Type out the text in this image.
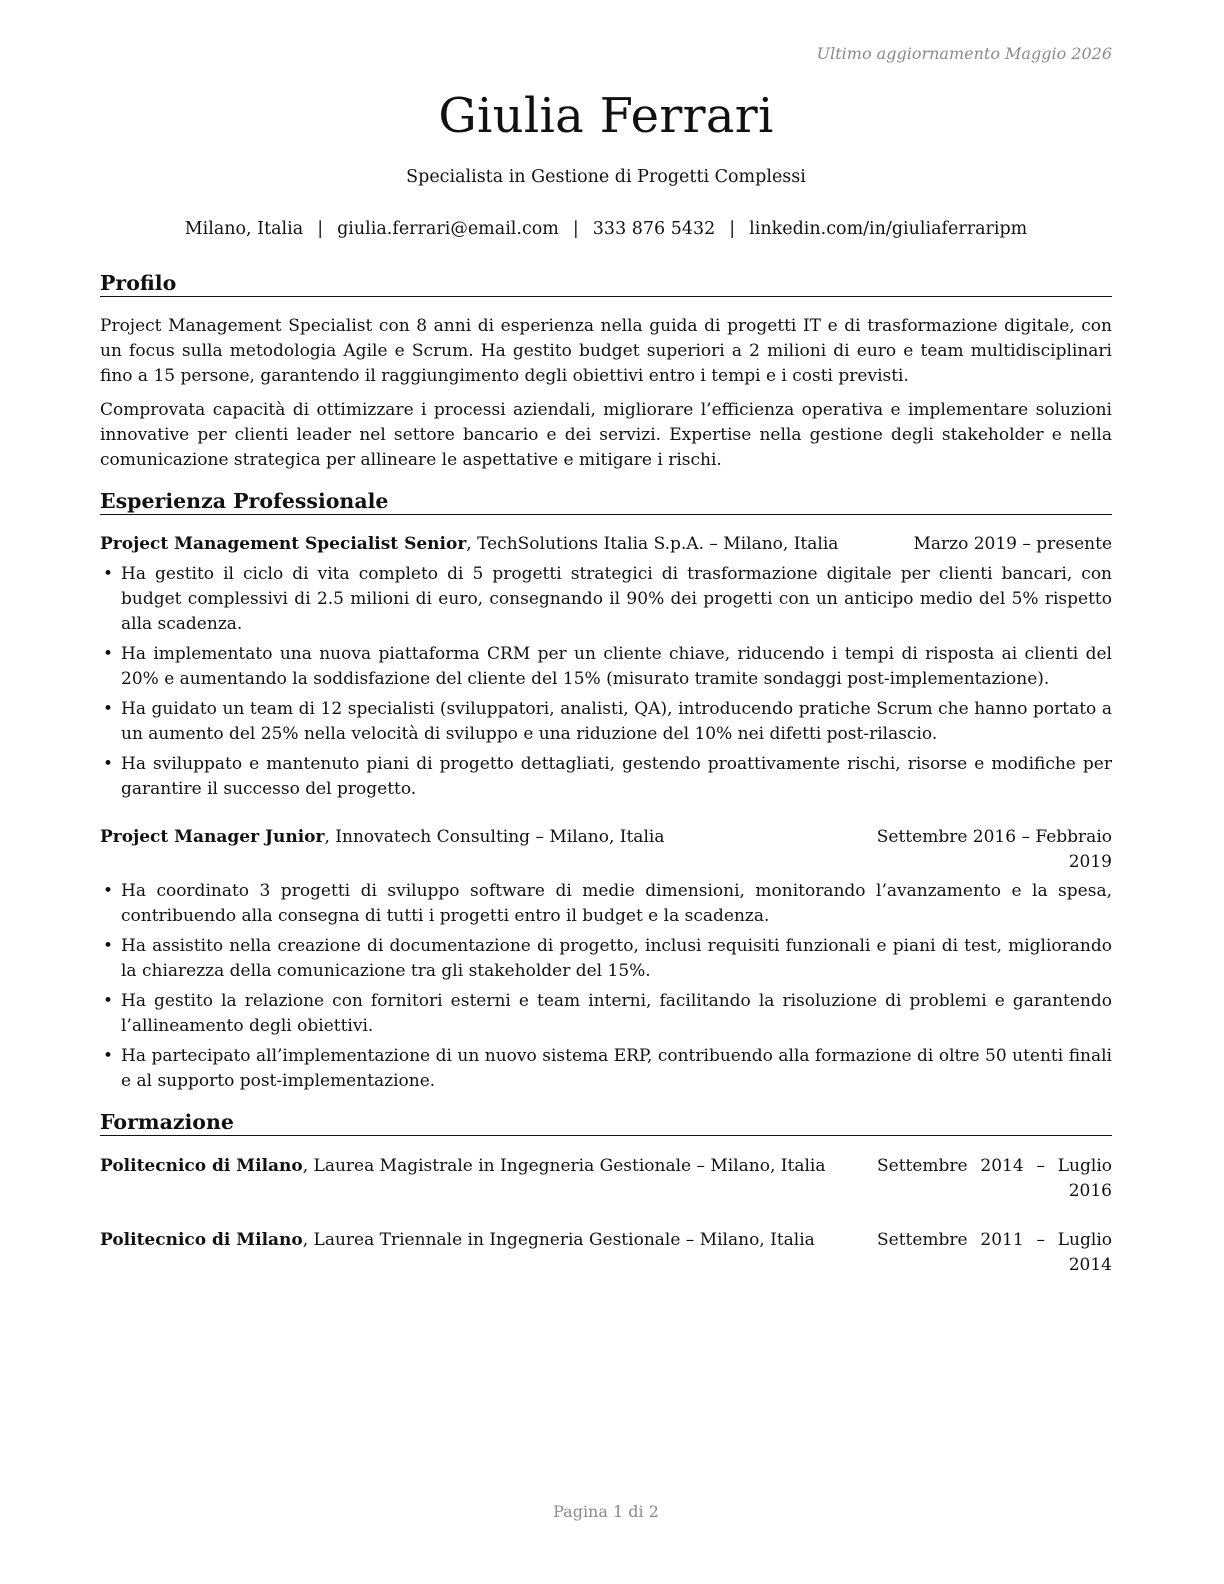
Ultimo aggiornamento Maggio 2026
Giulia Ferrari
Specialista in Gestione di Progetti Complessi
Milano, Italia | giulia.ferrari@email.com | 333 876 5432 | linkedin.com/in/giuliaferraripm
Profilo

Project Management Specialist con 8 anni di esperienza nella guida di progetti IT e di trasformazione digitale, con un focus sulla metodologia Agile e Scrum. Ha gestito budget superiori a 2 milioni di euro e team multidisciplinari fino a 15 persone, garantendo il raggiungimento degli obiettivi entro i tempi e i costi previsti.

Comprovata capacità di ottimizzare i processi aziendali, migliorare l’efficienza operativa e implementare soluzioni innovative per clienti leader nel settore bancario e dei servizi. Expertise nella gestione degli stakeholder e nella comunicazione strategica per allineare le aspettative e mitigare i rischi.

Esperienza Professionale
Project Management Specialist Senior, TechSolutions Italia S.p.A. – Milano, Italia	Marzo 2019 – presente
• Ha gestito il ciclo di vita completo di 5 progetti strategici di trasformazione digitale per clienti bancari, con budget complessivi di 2.5 milioni di euro, consegnando il 90% dei progetti con un anticipo medio del 5% rispetto alla scadenza.
• Ha implementato una nuova piattaforma CRM per un cliente chiave, riducendo i tempi di risposta ai clienti del 20% e aumentando la soddisfazione del cliente del 15% (misurato tramite sondaggi post-implementazione).
• Ha guidato un team di 12 specialisti (sviluppatori, analisti, QA), introducendo pratiche Scrum che hanno portato a un aumento del 25% nella velocità di sviluppo e una riduzione del 10% nei difetti post-rilascio.
• Ha sviluppato e mantenuto piani di progetto dettagliati, gestendo proattivamente rischi, risorse e modifiche per garantire il successo del progetto.
Project Manager Junior, Innovatech Consulting – Milano, Italia	Settembre 2016 – Febbraio 2019
• Ha coordinato 3 progetti di sviluppo software di medie dimensioni, monitorando l’avanzamento e la spesa, contribuendo alla consegna di tutti i progetti entro il budget e la scadenza.
• Ha assistito nella creazione di documentazione di progetto, inclusi requisiti funzionali e piani di test, migliorando la chiarezza della comunicazione tra gli stakeholder del 15%.
• Ha gestito la relazione con fornitori esterni e team interni, facilitando la risoluzione di problemi e garantendo l’allineamento degli obiettivi.
• Ha partecipato all’implementazione di un nuovo sistema ERP, contribuendo alla formazione di oltre 50 utenti finali e al supporto post-implementazione.
Formazione
Politecnico di Milano, Laurea Magistrale in Ingegneria Gestionale – Milano, Italia	Settembre 2014 – Luglio 2016
Politecnico di Milano, Laurea Triennale in Ingegneria Gestionale – Milano, Italia	Settembre 2011 – Luglio 2014
Pagina 1 di 2
